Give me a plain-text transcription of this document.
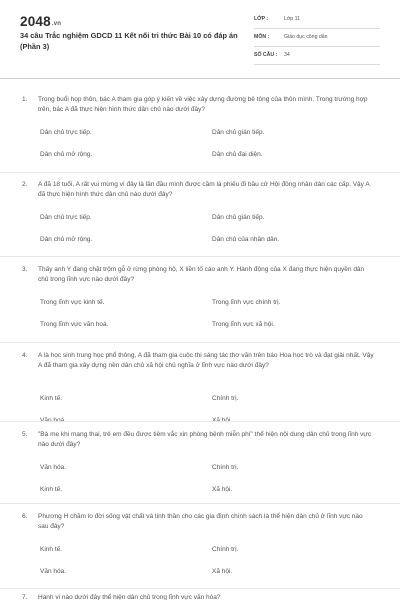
2048.vn
34 câu Trắc nghiệm GDCD 11 Kết nối tri thức Bài 10 có đáp án (Phần 3)
LỚP :	Lớp 11
MÔN :	Giáo dục công dân
SỐ CÂU :	34
1.	Trong buổi họp thôn, bác A tham gia góp ý kiến về việc xây dựng đường bê tông của thôn mình. Trong trường hợp trên, bác A đã thực hiện hình thức dân chủ nào dưới đây?
Dân chủ trực tiếp.	Dân chủ gián tiếp.
Dân chủ mở rộng.	Dân chủ đại diện.
2.	A đã 18 tuổi, A rất vui mừng vì đây là lần đầu mình được cầm lá phiếu đi bầu cử Hội đồng nhân dân các cấp. Vậy A đã thực hiện hình thức dân chủ nào dưới đây?
Dân chủ trực tiếp.	Dân chủ gián tiếp.
Dân chủ mở rộng.	Dân chủ của nhân dân.
3.	Thấy anh Y đang chặt trộm gỗ ở rừng phòng hộ, X liền tố cáo anh Y. Hành động của X đang thực hiện quyền dân chủ trong lĩnh vực nào dưới đây?
Trong lĩnh vực kinh tế.	Trong lĩnh vực chính trị.
Trong lĩnh vực văn hoá.	Trong lĩnh vực xã hội.
4.	A là học sinh trung học phổ thông, A đã tham gia cuộc thi sáng tác thơ văn trên báo Hoa học trò và đạt giải nhất. Vậy A đã tham gia xây dựng nền dân chủ xã hội chủ nghĩa ở lĩnh vực nào dưới đây?
Kinh tế.	Chính trị.
Văn hoá.	Xã hội.
5.	"Bà mẹ khi mang thai, trẻ em đều được tiêm vắc xin phòng bệnh miễn phí" thể hiện nội dung dân chủ trong lĩnh vực nào dưới đây?
Văn hóa.	Chính trị.
Kinh tế.	Xã hội.
6.	Phương H chăm lo đời sống vật chất và tinh thần cho các gia đình chính sách là thể hiện dân chủ ở lĩnh vực nào sau đây?
Kinh tế.	Chính trị.
Văn hóa.	Xã hội.
7.	Hành vi nào dưới đây thể hiện dân chủ trong lĩnh vực văn hóa?
